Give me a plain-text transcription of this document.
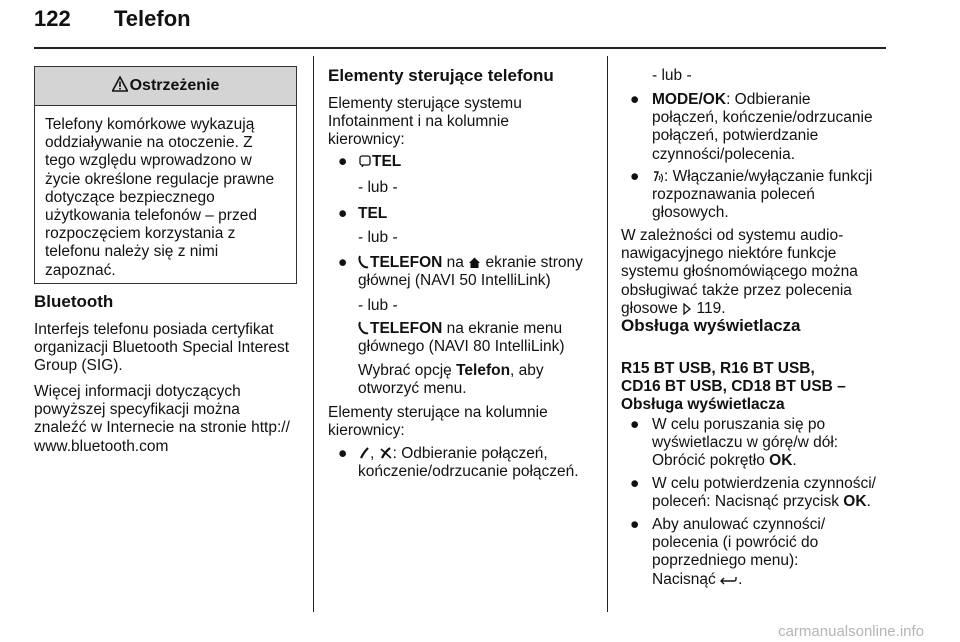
122 Telefon
Ostrzeżenie
Telefony komórkowe wykazują
oddziaływanie na otoczenie. Z
tego względu wprowadzono w
życie określone regulacje prawne
dotyczące bezpiecznego
użytkowania telefonów – przed
rozpoczęciem korzystania z
telefonu należy się z nimi
zapoznać.
Bluetooth
Interfejs telefonu posiada certyfikat
organizacji Bluetooth Special Interest
Group (SIG).
Więcej informacji dotyczących
powyższej specyfikacji można
znaleźć w Internecie na stronie http://
www.bluetooth.com
Elementy sterujące telefonu
Elementy sterujące systemu
Infotainment i na kolumnie
kierownicy:
●	TEL
- lub -
● TEL
- lub -
●	TELEFON na ekranie strony
głównej (NAVI 50 IntelliLink)
- lub -
TELEFON na ekranie menu
głównego (NAVI 80 IntelliLink)
Wybrać opcję Telefon, aby
otworzyć menu.
Elementy sterujące na kolumnie
kierownicy:
●	, : Odbieranie połączeń,
kończenie/odrzucanie połączeń.
- lub -
● MODE/OK: Odbieranie
połączeń, kończenie/odrzucanie
połączeń, potwierdzanie
czynności/polecenia.
●	: Włączanie/wyłączanie funkcji
rozpoznawania poleceń
głosowych.
W zależności od systemu audio-
nawigacyjnego niektóre funkcje
systemu głośnomówiącego można
obsługiwać także przez polecenia
głosowe 119.
Obsługa wyświetlacza
R15 BT USB, R16 BT USB,
CD16 BT USB, CD18 BT USB –
Obsługa wyświetlacza
● W celu poruszania się po
wyświetlaczu w górę/w dół:
Obrócić pokrętło OK.
● W celu potwierdzenia czynności/
poleceń: Nacisnąć przycisk OK.
● Aby anulować czynności/
polecenia (i powrócić do
poprzedniego menu):
Nacisnąć .
carmanualsonline.info
